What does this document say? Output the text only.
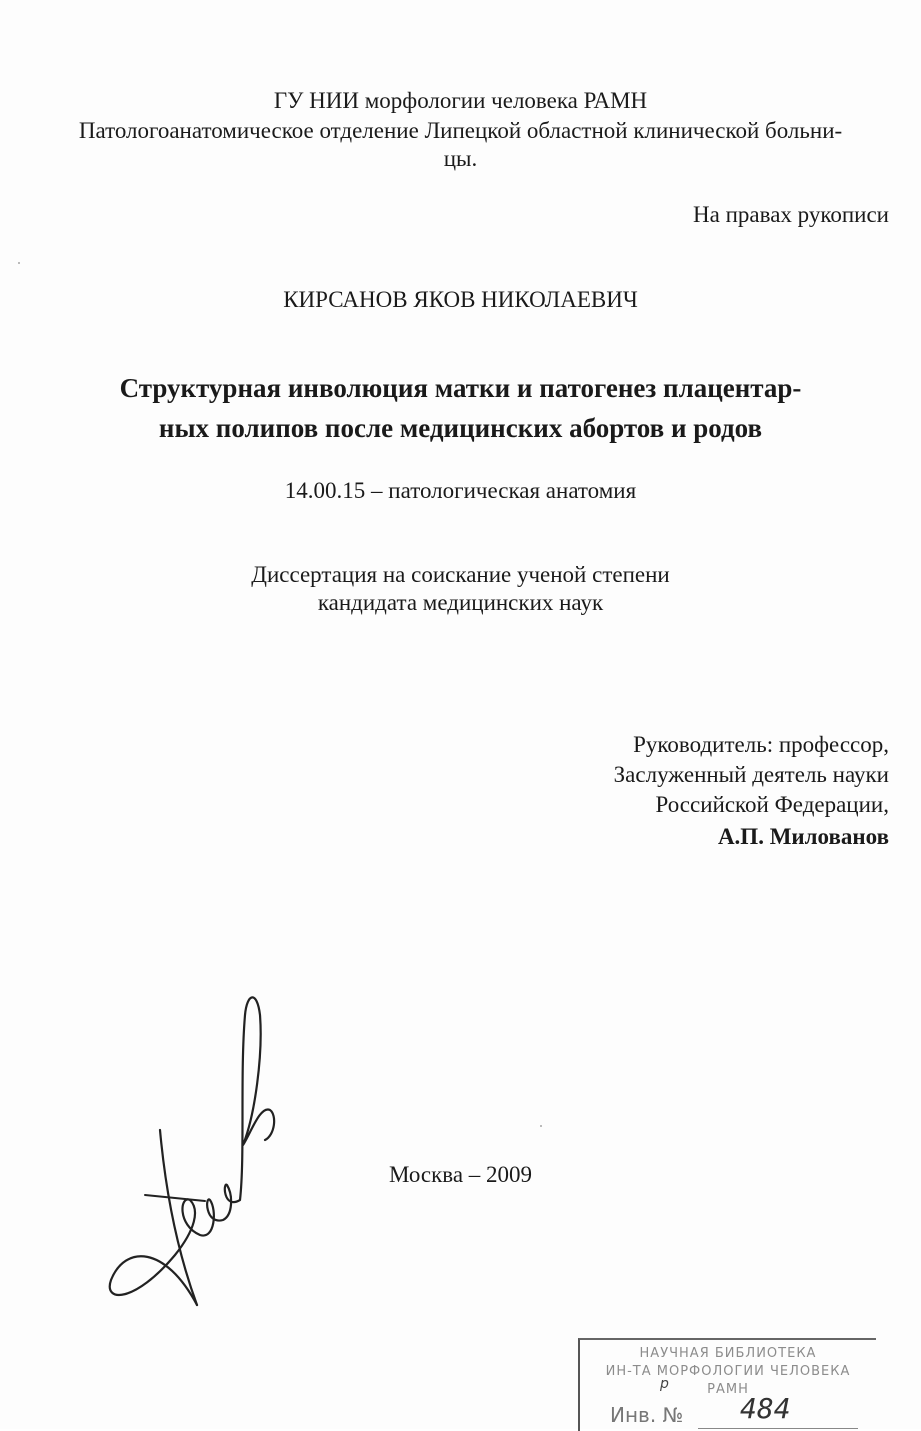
ГУ НИИ морфологии человека РАМН
Патологоанатомическое отделение Липецкой областной клинической больни-
цы.
На правах рукописи
КИРСАНОВ ЯКОВ НИКОЛАЕВИЧ
Структурная инволюция матки и патогенез плацентар-
ных полипов после медицинских абортов и родов
14.00.15 – патологическая анатомия
Диссертация на соискание ученой степени
кандидата медицинских наук
Руководитель: профессор,
Заслуженный деятель науки
Российской Федерации,
А.П. Милованов
Москва – 2009
НАУЧНАЯ БИБЛИОТЕКА
ИН-ТА МОРФОЛОГИИ ЧЕЛОВЕКА
РАМН
р
Инв. № 484
